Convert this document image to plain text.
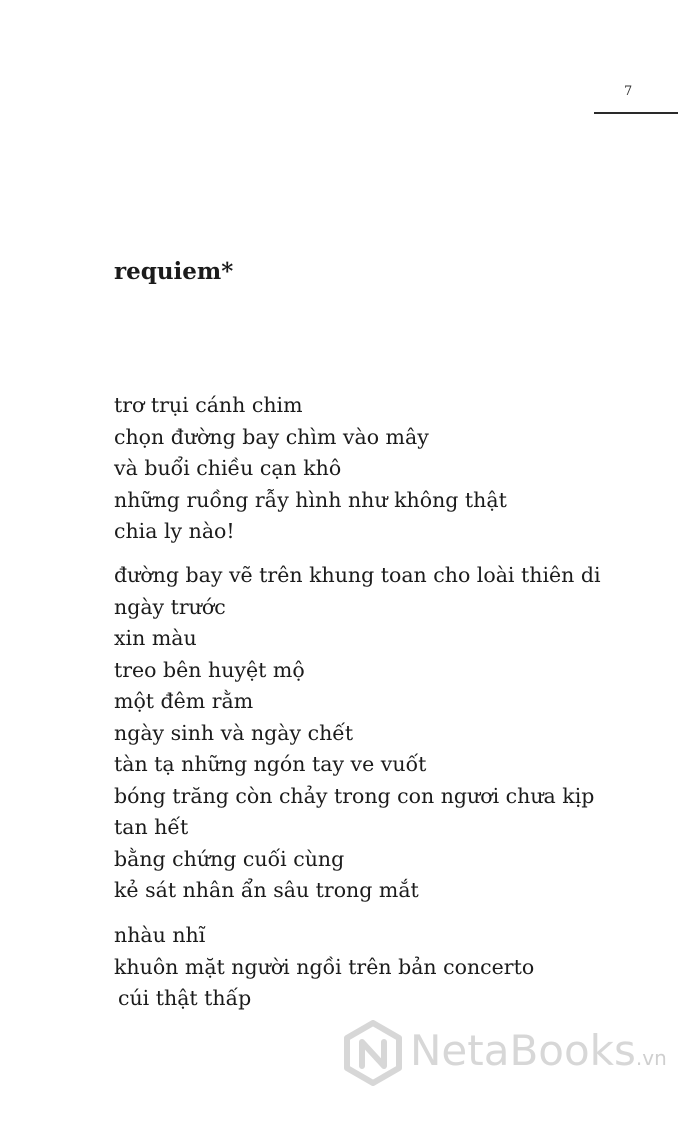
7
requiem*
trơ trụi cánh chim
chọn đường bay chìm vào mây
và buổi chiều cạn khô
những ruồng rẫy hình như không thật
chia ly nào!
đường bay vẽ trên khung toan cho loài thiên di
ngày trước
xin màu
treo bên huyệt mộ
một đêm rằm
ngày sinh và ngày chết
tàn tạ những ngón tay ve vuốt
bóng trăng còn chảy trong con ngươi chưa kịp
tan hết
bằng chứng cuối cùng
kẻ sát nhân ẩn sâu trong mắt
nhàu nhĩ
khuôn mặt người ngồi trên bản concerto
cúi thật thấp
NetaBooks.vn
